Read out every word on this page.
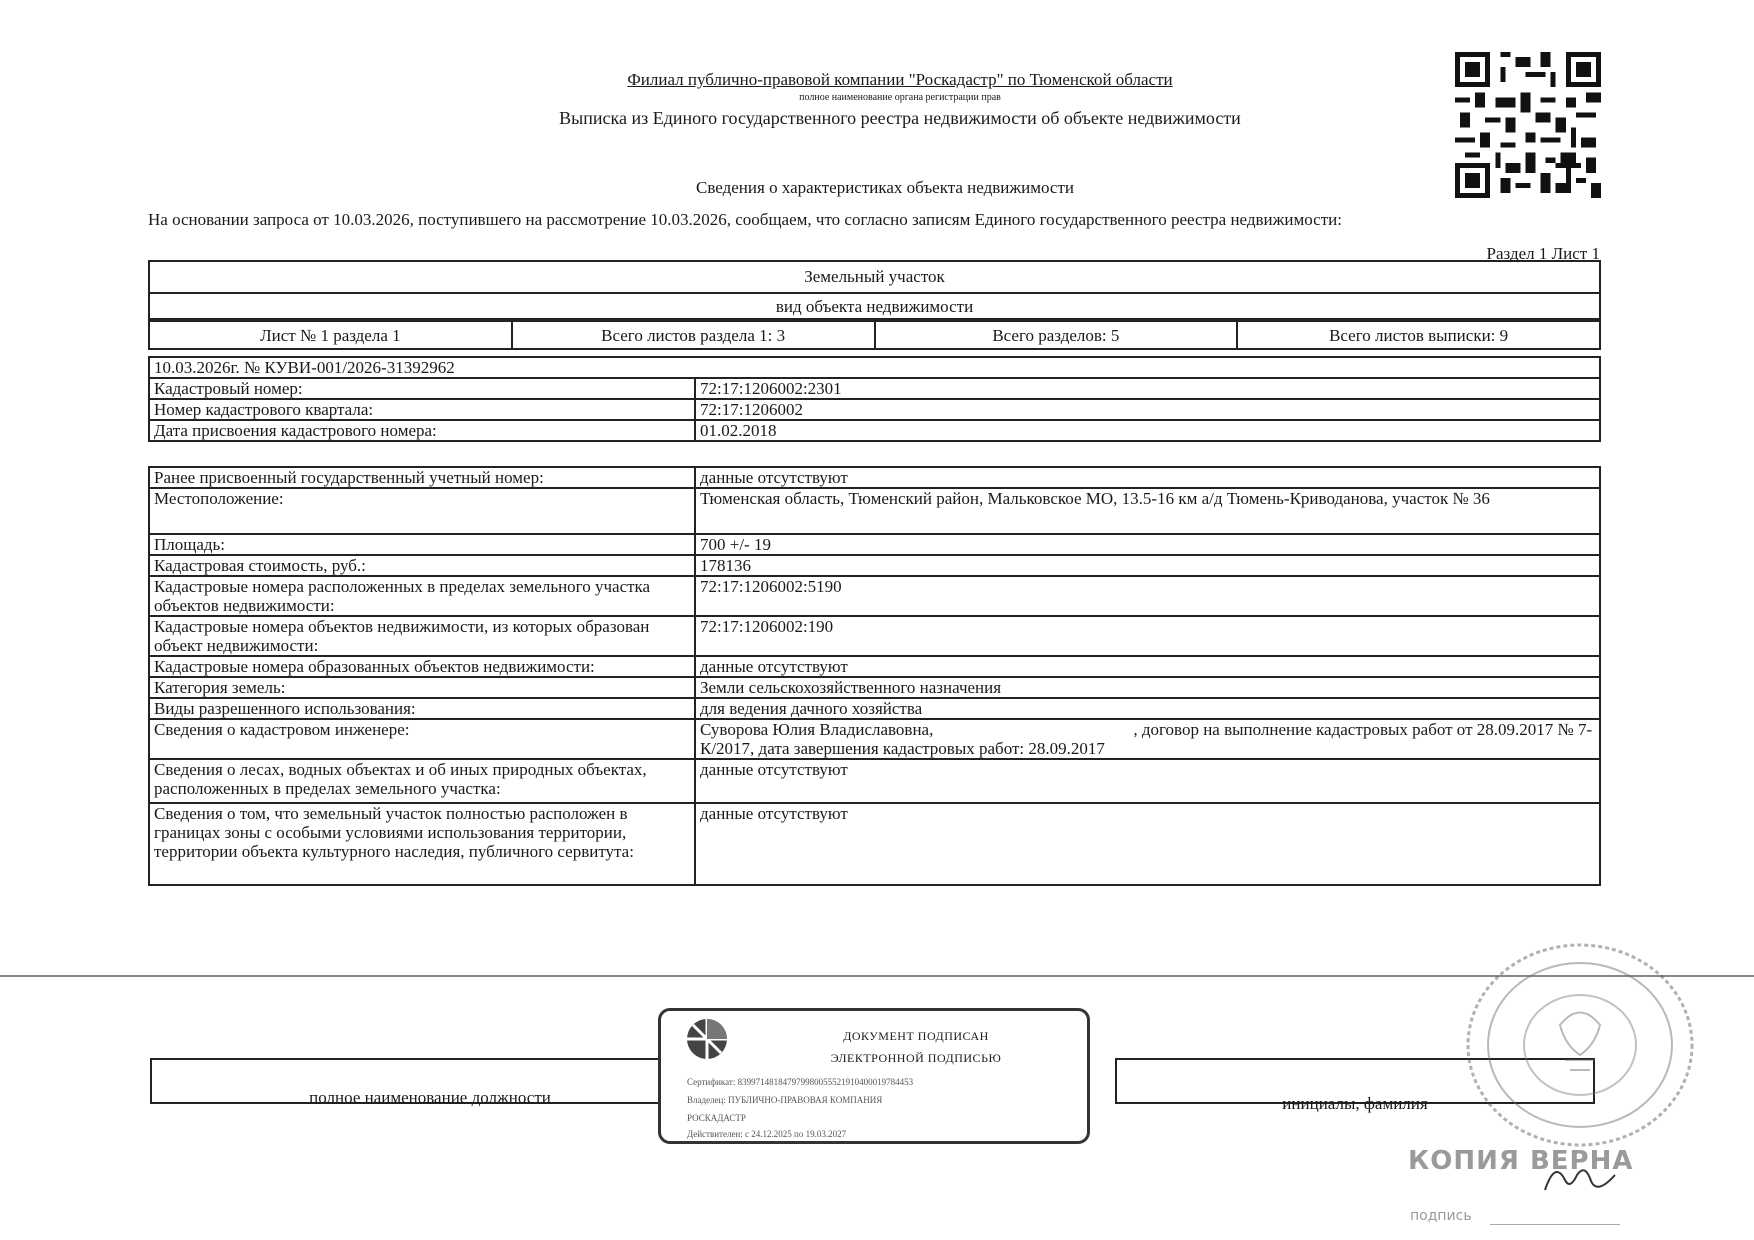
Филиал публично-правовой компании "Роскадастр" по Тюменской области
полное наименование органа регистрации прав
Выписка из Единого государственного реестра недвижимости об объекте недвижимости
Сведения о характеристиках объекта недвижимости
На основании запроса от 10.03.2026, поступившего на рассмотрение 10.03.2026, сообщаем, что согласно записям Единого государственного реестра недвижимости:
Раздел 1 Лист 1
Земельный участок
вид объекта недвижимости
Лист № 1 раздела 1	Всего листов раздела 1: 3	Всего разделов: 5	Всего листов выписки: 9
10.03.2026г. № КУВИ-001/2026-31392962	
Кадастровый номер:	72:17:1206002:2301
Номер кадастрового квартала:	72:17:1206002
Дата присвоения кадастрового номера:	01.02.2018
Ранее присвоенный государственный учетный номер:	данные отсутствуют
Местоположение:	Тюменская область, Тюменский район, Мальковское МО, 13.5-16 км а/д Тюмень-Криводанова, участок № 36
Площадь:	700 +/- 19
Кадастровая стоимость, руб.:	178136
Кадастровые номера расположенных в пределах земельного участка объектов недвижимости:	72:17:1206002:5190
Кадастровые номера объектов недвижимости, из которых образован объект недвижимости:	72:17:1206002:190
Кадастровые номера образованных объектов недвижимости:	данные отсутствуют
Категория земель:	Земли сельскохозяйственного назначения
Виды разрешенного использования:	для ведения дачного хозяйства
Сведения о кадастровом инженере:	Суворова Юлия Владиславовна, , договор на выполнение кадастровых работ от 28.09.2017 № 7-К/2017, дата завершения кадастровых работ: 28.09.2017
Сведения о лесах, водных объектах и об иных природных объектах, расположенных в пределах земельного участка:	данные отсутствуют
Сведения о том, что земельный участок полностью расположен в границах зоны с особыми условиями использования территории, территории объекта культурного наследия, публичного сервитута:	данные отсутствуют
полное наименование должности	инициалы, фамилия
ДОКУМЕНТ ПОДПИСАН
ЭЛЕКТРОННОЙ ПОДПИСЬЮ
Сертификат: 839971481847979980055521910400019784453
Владелец: ПУБЛИЧНО-ПРАВОВАЯ КОМПАНИЯ
РОСКАДАСТР
Действителен: с 24.12.2025 по 19.03.2027
КОПИЯ ВЕРНА
подпись
